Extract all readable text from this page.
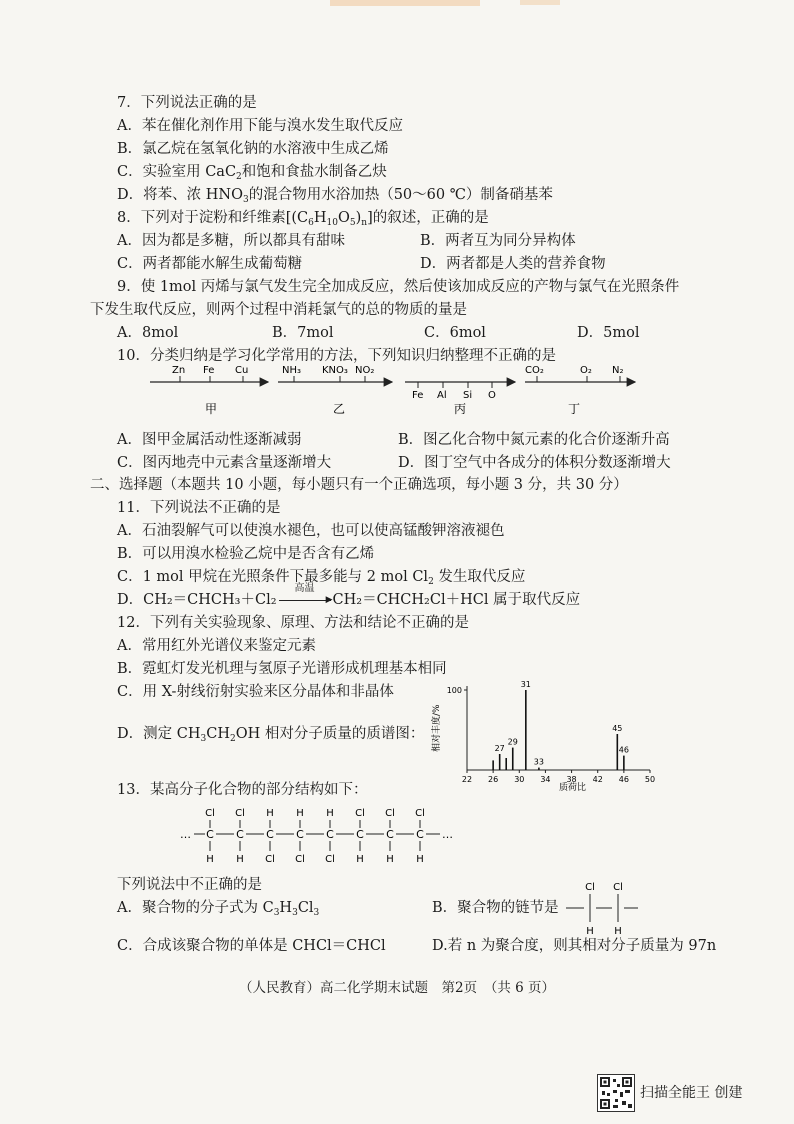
7．下列说法正确的是
A．苯在催化剂作用下能与溴水发生取代反应
B．氯乙烷在氢氧化钠的水溶液中生成乙烯
C．实验室用 CaC$_2$和饱和食盐水制备乙炔
D．将苯、浓 $HNO_3$的混合物用水浴加热（50～60 ℃）制备硝基苯
8．下列对于淀粉和纤维素$[(C_6H_{10}O_5)_n]$的叙述，正确的是
A．因为都是多糖，所以都具有甜味	B．两者互为同分异构体
C．两者都能水解生成葡萄糖	D．两者都是人类的营养食物
9．使 1mol 丙烯与氯气发生完全加成反应，然后使该加成反应的产物与氯气在光照条件
下发生取代反应，则两个过程中消耗氯气的总的物质的量是
A．8mol	B．7mol	C．6mol	D．5mol
10．分类归纳是学习化学常用的方法，下列知识归纳整理不正确的是
Zn Fe Cu
甲
NH₃ KNO₃ NO₂
乙
Fe Al Si O
丙
CO₂	O₂ N₂
丁
A．图甲金属活动性逐渐减弱	B．图乙化合物中氮元素的化合价逐渐升高
C．图丙地壳中元素含量逐渐增大	D．图丁空气中各成分的体积分数逐渐增大
二、选择题（本题共 10 小题，每小题只有一个正确选项，每小题 3 分，共 30 分）
11．下列说法不正确的是
A．石油裂解气可以使溴水褪色，也可以使高锰酸钾溶液褪色
B．可以用溴水检验乙烷中是否含有乙烯
C．1 mol 甲烷在光照条件下最多能与 2 mol $Cl_2$ 发生取代反应
D．CH₂＝CHCH₃＋Cl₂
高温
▶ CH₂＝CHCH₂Cl＋HCl 属于取代反应
12．下列有关实验现象、原理、方法和结论不正确的是
A．常用红外光谱仪来鉴定元素
B．霓虹灯发光机理与氢原子光谱形成机理基本相同
C．用 X-射线衍射实验来区分晶体和非晶体
D．测定 $CH_3CH_2OH$ 相对分子质量的质谱图： 相对丰度/%
质荷比
22 26 30 34 38 42 46 50
100
27
29
31
33
45
46
13．某高分子化合物的部分结构如下：
… C
Cl
H
C
Cl
H
C
H
Cl
C
H
Cl
C
H
Cl
C
Cl
H
C
Cl
H
C
Cl
H
…
下列说法中不正确的是
A．聚合物的分子式为 $C_3H_3Cl_3$	B．聚合物的链节是
Cl
H
Cl
H
C．合成该聚合物的单体是 CHCl＝CHCl	D.若 n 为聚合度，则其相对分子质量为 97n
（人民教育）高二化学期末试题　第2页　（共 6 页）
扫描全能王 创建
